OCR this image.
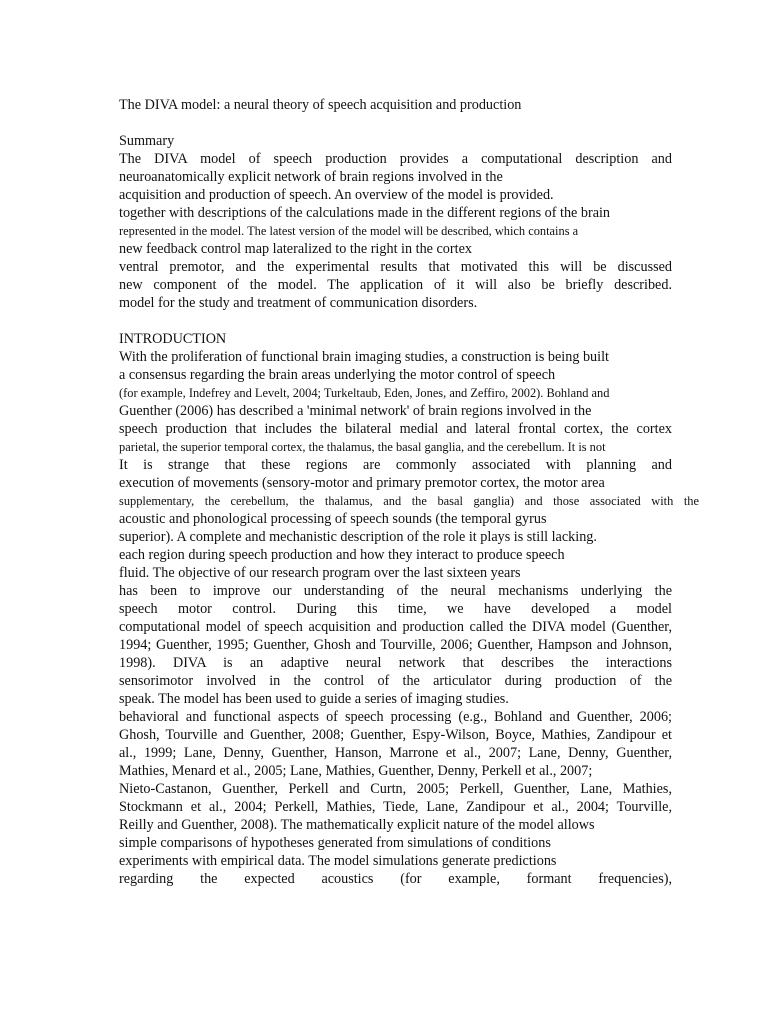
The DIVA model: a neural theory of speech acquisition and production
Summary
The DIVA model of speech production provides a computational description and
neuroanatomically explicit network of brain regions involved in the
acquisition and production of speech. An overview of the model is provided.
together with descriptions of the calculations made in the different regions of the brain
represented in the model. The latest version of the model will be described, which contains a
new feedback control map lateralized to the right in the cortex
ventral premotor, and the experimental results that motivated this will be discussed
new component of the model. The application of it will also be briefly described.
model for the study and treatment of communication disorders.
INTRODUCTION
With the proliferation of functional brain imaging studies, a construction is being built
a consensus regarding the brain areas underlying the motor control of speech
(for example, Indefrey and Levelt, 2004; Turkeltaub, Eden, Jones, and Zeffiro, 2002). Bohland and
Guenther (2006) has described a 'minimal network' of brain regions involved in the
speech production that includes the bilateral medial and lateral frontal cortex, the cortex
parietal, the superior temporal cortex, the thalamus, the basal ganglia, and the cerebellum. It is not
It is strange that these regions are commonly associated with planning and
execution of movements (sensory-motor and primary premotor cortex, the motor area
supplementary, the cerebellum, the thalamus, and the basal ganglia) and those associated with the
acoustic and phonological processing of speech sounds (the temporal gyrus
superior). A complete and mechanistic description of the role it plays is still lacking.
each region during speech production and how they interact to produce speech
fluid. The objective of our research program over the last sixteen years
has been to improve our understanding of the neural mechanisms underlying the
speech motor control. During this time, we have developed a model
computational model of speech acquisition and production called the DIVA model (Guenther,
1994; Guenther, 1995; Guenther, Ghosh and Tourville, 2006; Guenther, Hampson and Johnson,
1998). DIVA is an adaptive neural network that describes the interactions
sensorimotor involved in the control of the articulator during production of the
speak. The model has been used to guide a series of imaging studies.
behavioral and functional aspects of speech processing (e.g., Bohland and Guenther, 2006;
Ghosh, Tourville and Guenther, 2008; Guenther, Espy-Wilson, Boyce, Mathies, Zandipour et
al., 1999; Lane, Denny, Guenther, Hanson, Marrone et al., 2007; Lane, Denny, Guenther,
Mathies, Menard et al., 2005; Lane, Mathies, Guenther, Denny, Perkell et al., 2007;
Nieto-Castanon, Guenther, Perkell and Curtn, 2005; Perkell, Guenther, Lane, Mathies,
Stockmann et al., 2004; Perkell, Mathies, Tiede, Lane, Zandipour et al., 2004; Tourville,
Reilly and Guenther, 2008). The mathematically explicit nature of the model allows
simple comparisons of hypotheses generated from simulations of conditions
experiments with empirical data. The model simulations generate predictions
regarding the expected acoustics (for example, formant frequencies),
